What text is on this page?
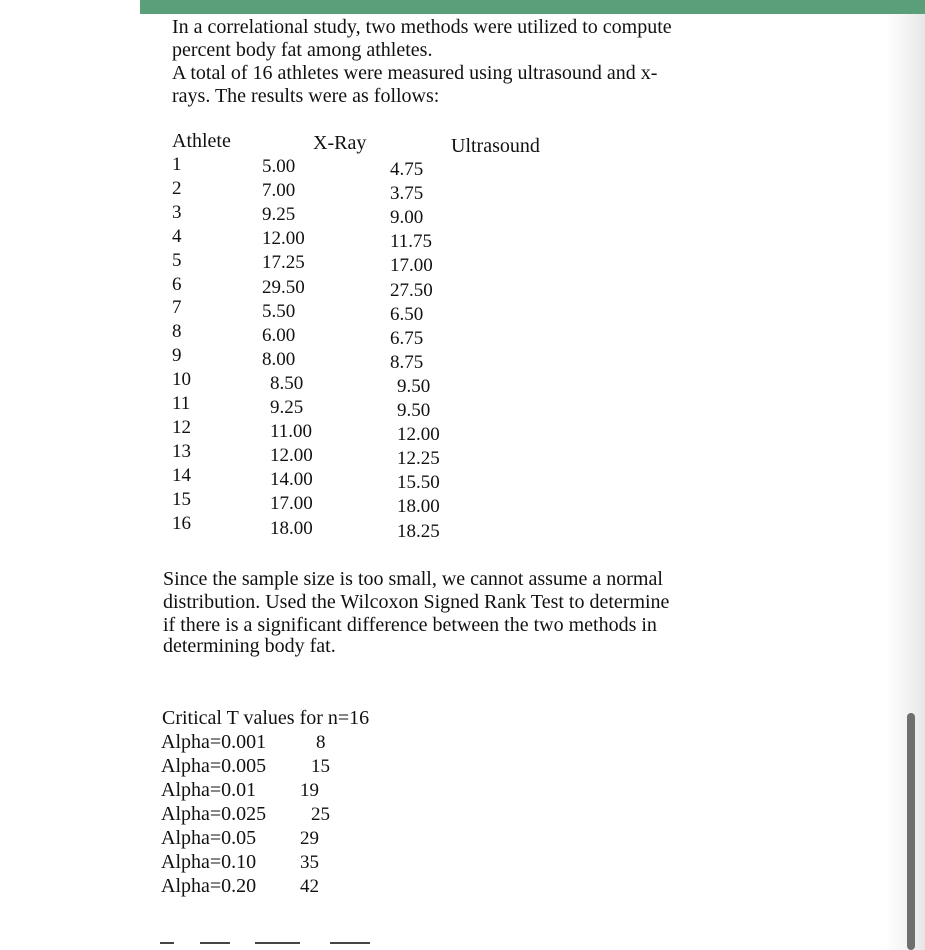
In a correlational study, two methods were utilized to compute
percent body fat among athletes.
A total of 16 athletes were measured using ultrasound and x-
rays. The results were as follows:
Athlete	X-Ray	Ultrasound
1	5.00	4.75
2	7.00	3.75
3	9.25	9.00
4	12.00	11.75
5	17.25	17.00
6	29.50	27.50
7	5.50	6.50
8	6.00	6.75
9	8.00	8.75
10	8.50	9.50
11	9.25	9.50
12	11.00	12.00
13	12.00	12.25
14	14.00	15.50
15	17.00	18.00
16	18.00	18.25
Since the sample size is too small, we cannot assume a normal
distribution. Used the Wilcoxon Signed Rank Test to determine
if there is a significant difference between the two methods in
determining body fat.
Critical T values for n=16
Alpha=0.001	8
Alpha=0.005 15
Alpha=0.01 19
Alpha=0.025 25
Alpha=0.05 29
Alpha=0.10 35
Alpha=0.20 42
